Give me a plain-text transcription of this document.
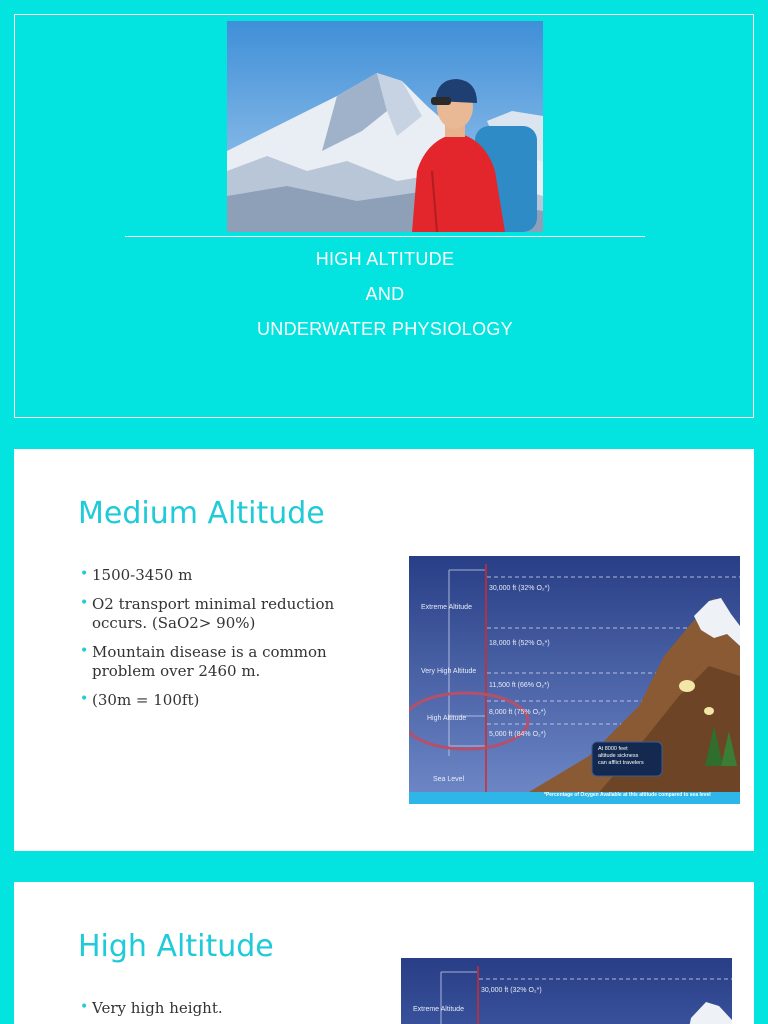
HIGH ALTITUDE
AND
UNDERWATER PHYSIOLOGY
Medium Altitude
• 1500-3450 m
• O2 transport minimal reduction occurs. (SaO2> 90%)
• Mountain disease is a common problem over 2460 m.
• (30m = 100ft)
Extreme Altitude
Very High Altitude
High Altitude
Sea Level
30,000 ft (32% O₂*)
18,000 ft (52% O₂*)
11,500 ft (66% O₂*)
8,000 ft (75% O₂*)
5,000 ft (84% O₂*)
At 8000 feet
altitude sickness
can afflict travelers
*Percentage of Oxygen Available at this altitude compared to sea level
High Altitude
• Very high height.
30,000 ft (32% O₂*)
Extreme Altitude
